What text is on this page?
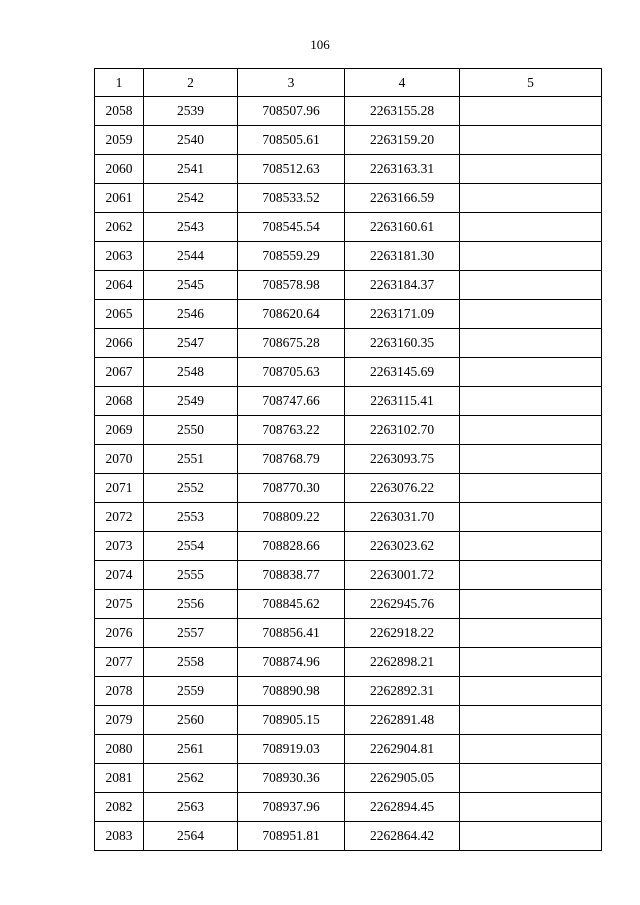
106
1	2	3	4	5
2058	2539	708507.96	2263155.28	
2059	2540	708505.61	2263159.20	
2060	2541	708512.63	2263163.31	
2061	2542	708533.52	2263166.59	
2062	2543	708545.54	2263160.61	
2063	2544	708559.29	2263181.30	
2064	2545	708578.98	2263184.37	
2065	2546	708620.64	2263171.09	
2066	2547	708675.28	2263160.35	
2067	2548	708705.63	2263145.69	
2068	2549	708747.66	2263115.41	
2069	2550	708763.22	2263102.70	
2070	2551	708768.79	2263093.75	
2071	2552	708770.30	2263076.22	
2072	2553	708809.22	2263031.70	
2073	2554	708828.66	2263023.62	
2074	2555	708838.77	2263001.72	
2075	2556	708845.62	2262945.76	
2076	2557	708856.41	2262918.22	
2077	2558	708874.96	2262898.21	
2078	2559	708890.98	2262892.31	
2079	2560	708905.15	2262891.48	
2080	2561	708919.03	2262904.81	
2081	2562	708930.36	2262905.05	
2082	2563	708937.96	2262894.45	
2083	2564	708951.81	2262864.42	
